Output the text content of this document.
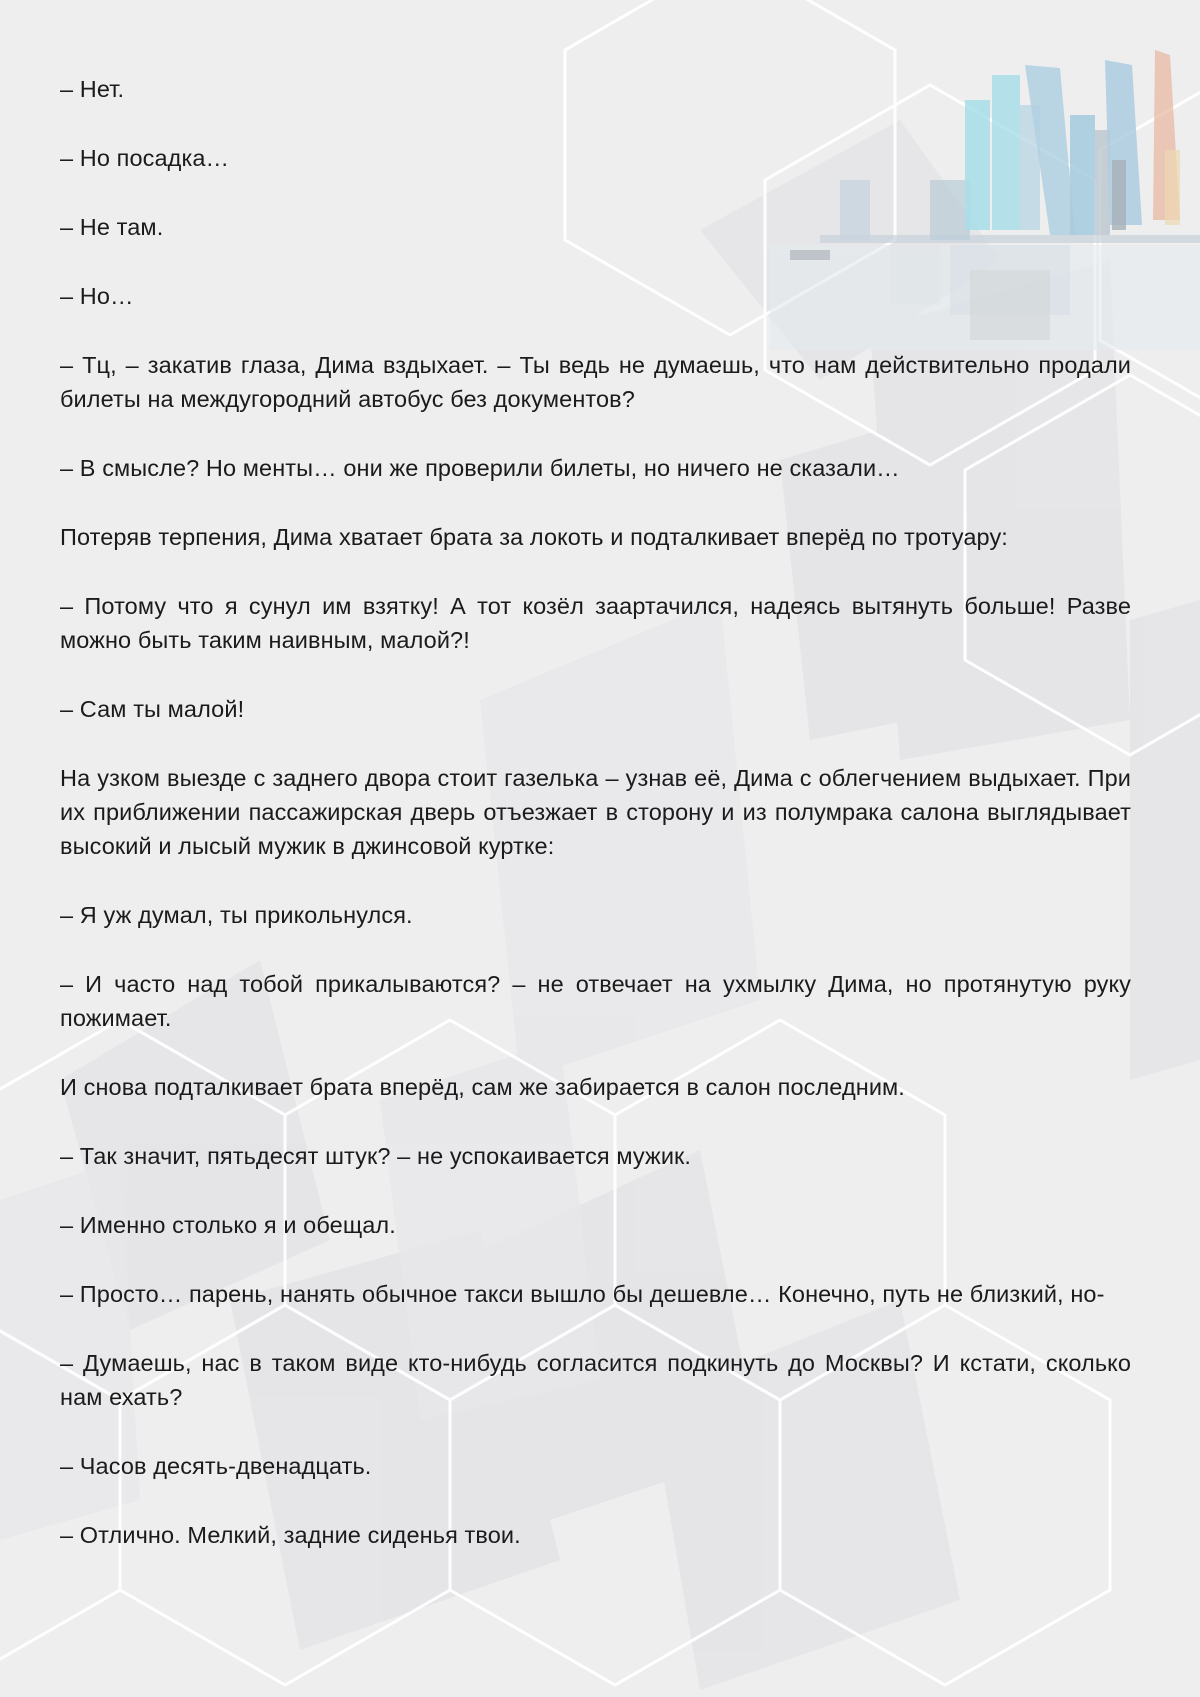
– Нет.

– Но посадка…

– Не там.

– Но…

– Тц, – закатив глаза, Дима вздыхает. – Ты ведь не думаешь, что нам действительно продали билеты на междугородний автобус без документов?

– В смысле? Но менты… они же проверили билеты, но ничего не сказали…

Потеряв терпения, Дима хватает брата за локоть и подталкивает вперёд по тротуару:

– Потому что я сунул им взятку! А тот козёл заартачился, надеясь вытянуть больше! Разве можно быть таким наивным, малой?!

– Сам ты малой!

На узком выезде с заднего двора стоит газелька – узнав её, Дима с облегчением выдыхает. При их приближении пассажирская дверь отъезжает в сторону и из полумрака салона выглядывает высокий и лысый мужик в джинсовой куртке:

– Я уж думал, ты прикольнулся.

– И часто над тобой прикалываются? – не отвечает на ухмылку Дима, но протянутую руку пожимает.

И снова подталкивает брата вперёд, сам же забирается в салон последним.

– Так значит, пятьдесят штук? – не успокаивается мужик.

– Именно столько я и обещал.

– Просто… парень, нанять обычное такси вышло бы дешевле… Конечно, путь не близкий, но-

– Думаешь, нас в таком виде кто-нибудь согласится подкинуть до Москвы? И кстати, сколько нам ехать?

– Часов десять-двенадцать.

– Отлично. Мелкий, задние сиденья твои.
